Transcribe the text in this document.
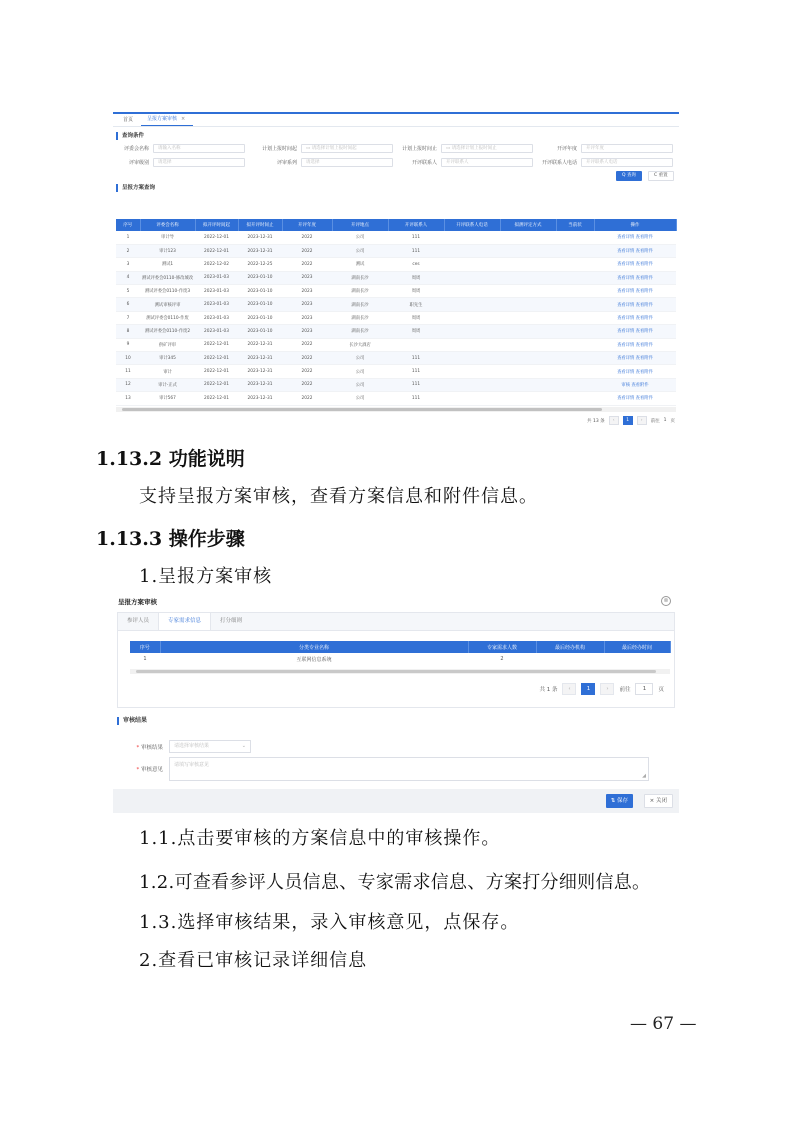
首页	呈报方案审核 ×
查询条件
评委会名称	请输入名称	计划上报时间起	▭ 请选择计划上报时间起	计划上报时间止	▭ 请选择计划上报时间止	开评年度	开评年度
评审级别	请选择	评审系列	请选择	开评联系人	开评联系人	开评联系人电话	开评联系人电话
Q 查询	C 重置
呈报方案查询
序号	评委会名称	拟开评时间起	拟开评时间止	开评年度	开评地点	开评联系人	开评联系人电话	拟测评定方式	当前状	操作
1	审计导	2022-12-01	2023-12-31	2022	公司	111				查看详情 查看附件
2	审计123	2022-12-01	2023-12-31	2022	公司	111				查看详情 查看附件
3	测试1	2022-12-02	2022-12-25	2022	测试	ces				查看详情 查看附件
4	测试评委会0110-修改城改	2023-01-03	2023-01-10	2023	湖南长沙	周周				查看详情 查看附件
5	测试评委会0110-作废3	2023-01-03	2023-01-10	2023	湖南长沙	周周				查看详情 查看附件
6	测试审核评审	2023-01-03	2023-01-10	2023	湖南长沙	职先生				查看详情 查看附件
7	测试评委会0110-作废	2023-01-03	2023-01-10	2023	湖南长沙	周周				查看详情 查看附件
8	测试评委会0110-作废2	2023-01-03	2023-01-10	2023	湖南长沙	周周				查看详情 查看附件
9	供矿评审	2022-12-01	2022-12-31	2022	长沙大酒店					查看详情 查看附件
10	审计345	2022-12-01	2023-12-31	2022	公司	111				查看详情 查看附件
11	审计	2022-12-01	2023-12-31	2022	公司	111				查看详情 查看附件
12	审计-正式	2022-12-01	2023-12-31	2022	公司	111				审核 查看附件
13	审计567	2022-12-01	2023-12-31	2022	公司	111				查看详情 查看附件
共 13 条	‹	1	›	前往 1 页
1.13.2 功能说明
支持呈报方案审核，查看方案信息和附件信息。
1.13.3 操作步骤
1.呈报方案审核
呈报方案审核	⊗
参评人员	专家需求信息	打分细则
序号	分类专业名称	专家需求人数	最后经办机构	最后经办时间
1	互联网信息系统	2		
共 1 条	‹	1	›	前往	1	页
审核结果
* 审核结果	请选择审核结果	⌄
* 审核意见
请填写审核意见
◢
⇅ 保存	× 关闭
1.1.点击要审核的方案信息中的审核操作。
1.2.可查看参评人员信息、专家需求信息、方案打分细则信息。
1.3.选择审核结果，录入审核意见，点保存。
2.查看已审核记录详细信息
— 67 —
